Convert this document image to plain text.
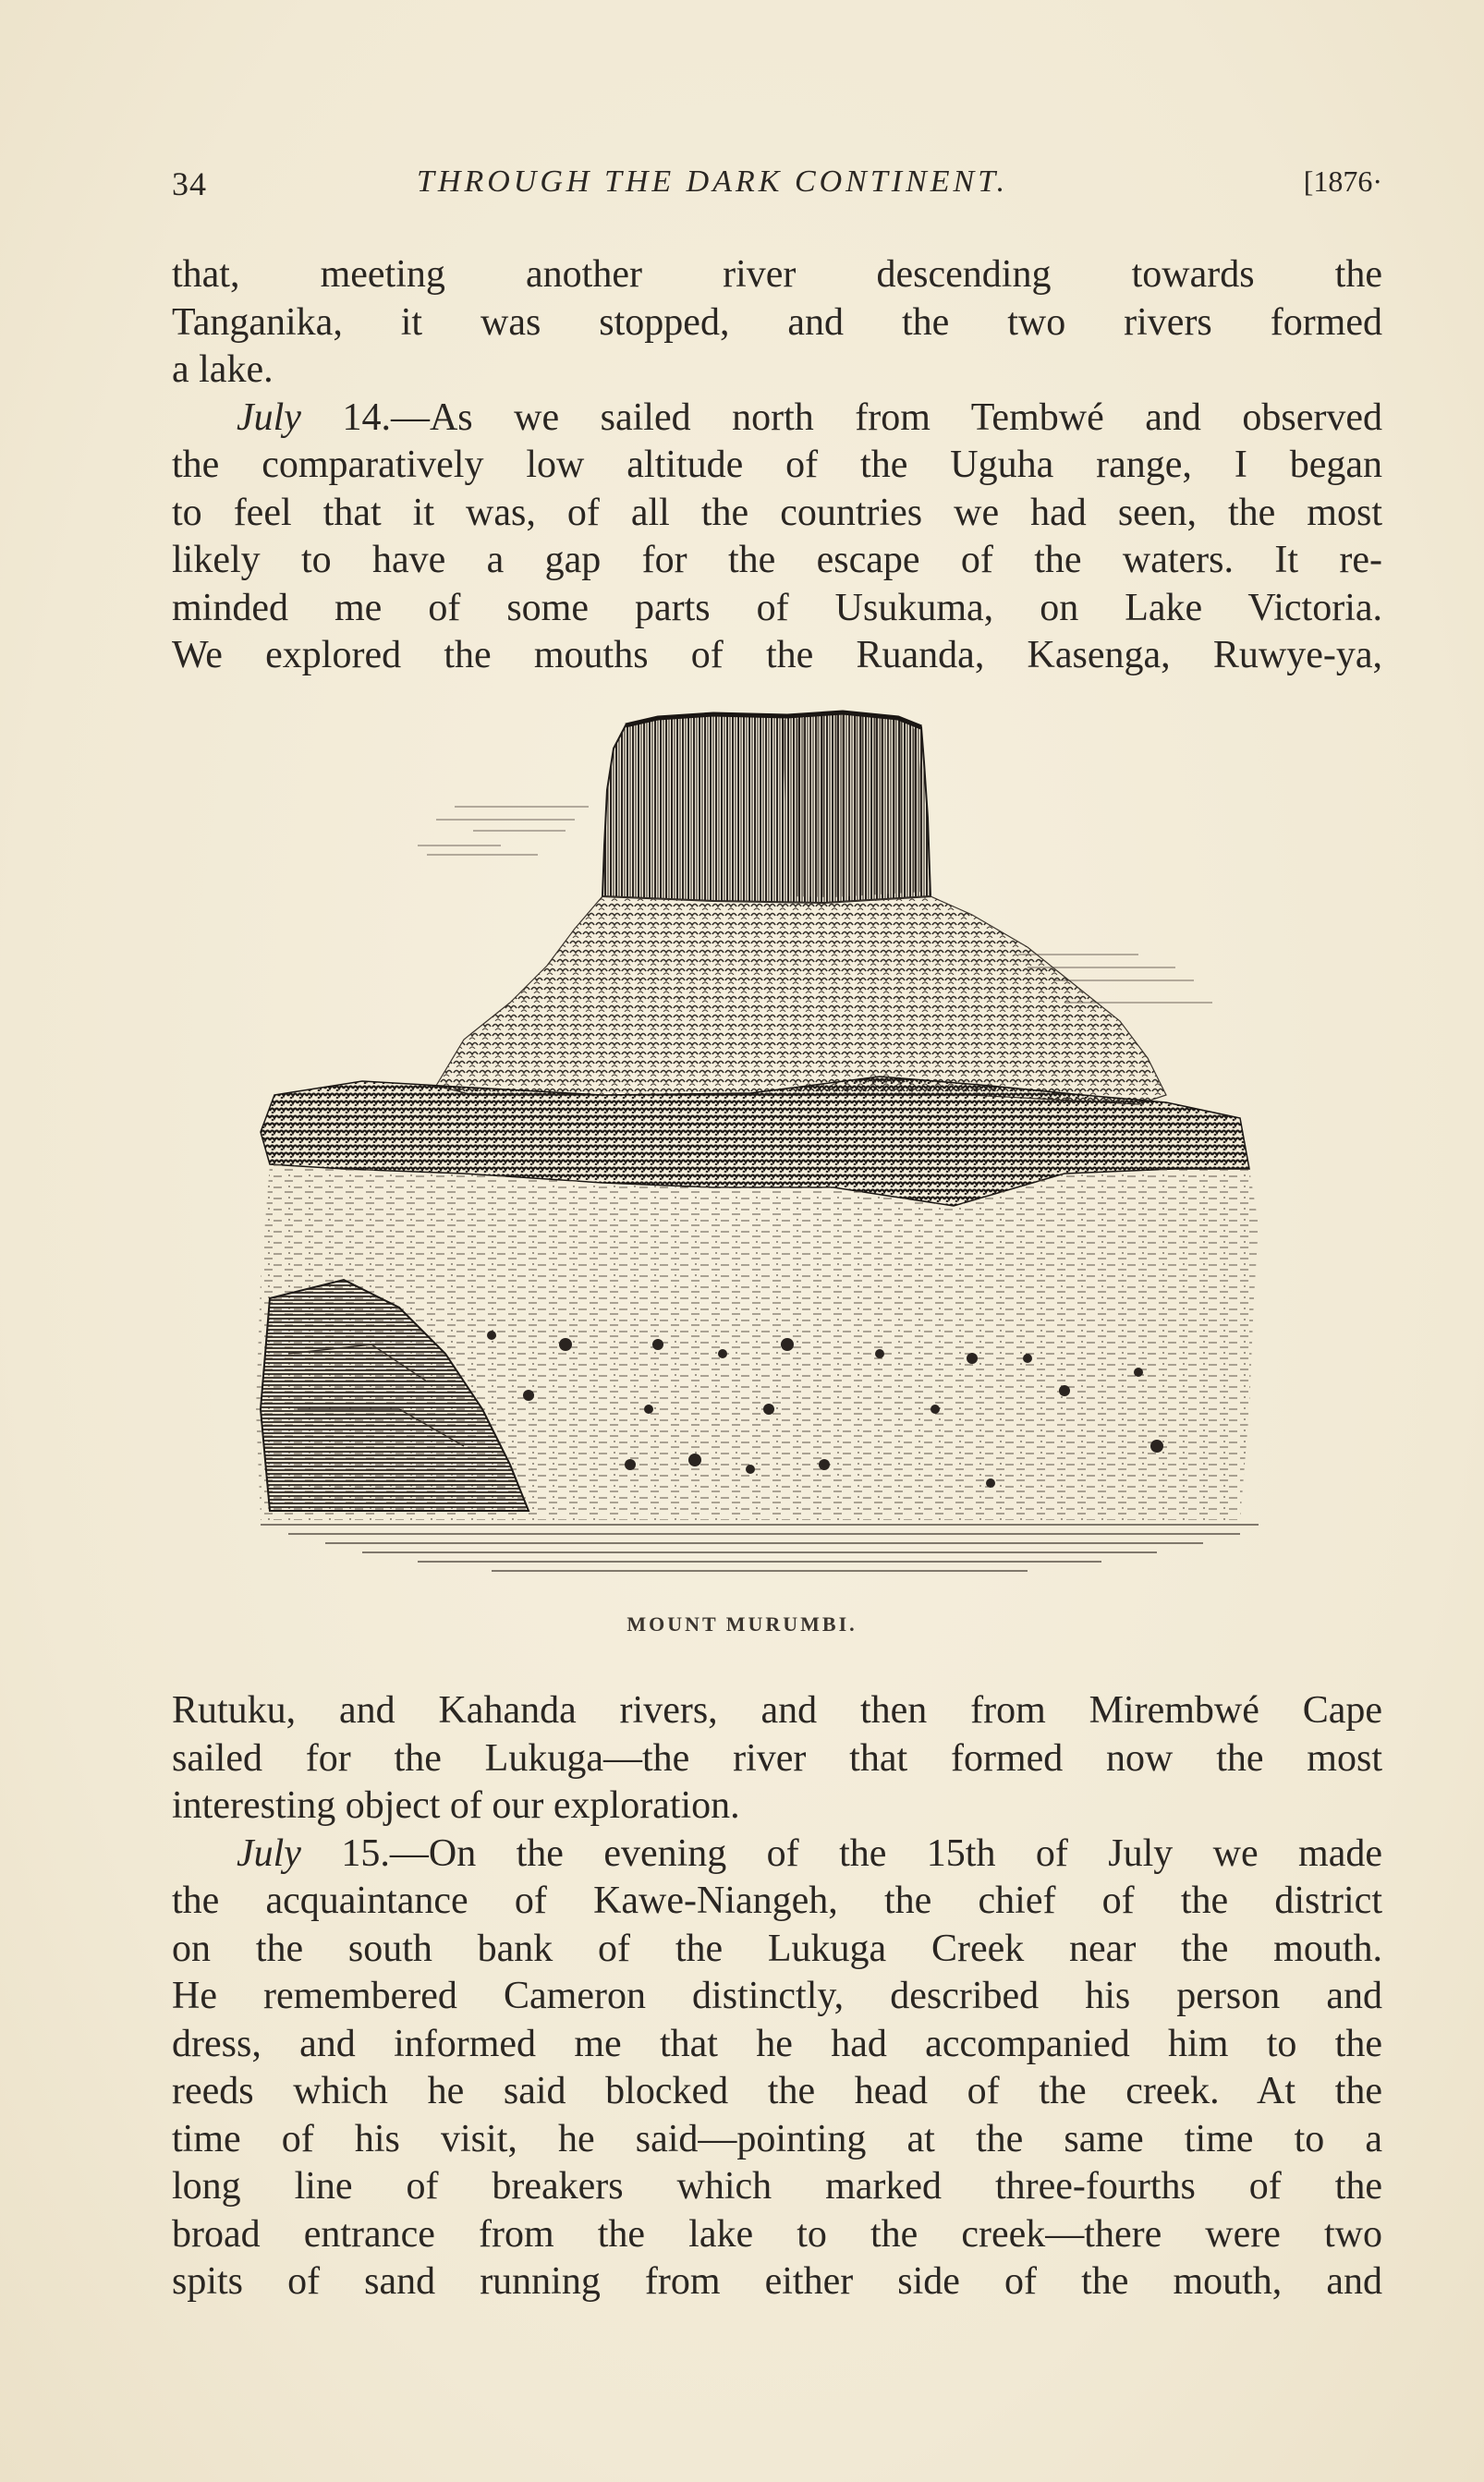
34	THROUGH THE DARK CONTINENT.	[1876·
that, meeting another river descending towards the
Tanganika, it was stopped, and the two rivers formed
a lake.
July 14.—As we sailed north from Tembwé and observed
the comparatively low altitude of the Uguha range, I began
to feel that it was, of all the countries we had seen, the most
likely to have a gap for the escape of the waters. It re-
minded me of some parts of Usukuma, on Lake Victoria.
We explored the mouths of the Ruanda, Kasenga, Ruwye-ya,
MOUNT MURUMBI.
Rutuku, and Kahanda rivers, and then from Mirembwé Cape
sailed for the Lukuga—the river that formed now the most
interesting object of our exploration.
July 15.—On the evening of the 15th of July we made
the acquaintance of Kawe-Niangeh, the chief of the district
on the south bank of the Lukuga Creek near the mouth.
He remembered Cameron distinctly, described his person and
dress, and informed me that he had accompanied him to the
reeds which he said blocked the head of the creek. At the
time of his visit, he said—pointing at the same time to a
long line of breakers which marked three-fourths of the
broad entrance from the lake to the creek—there were two
spits of sand running from either side of the mouth, and
